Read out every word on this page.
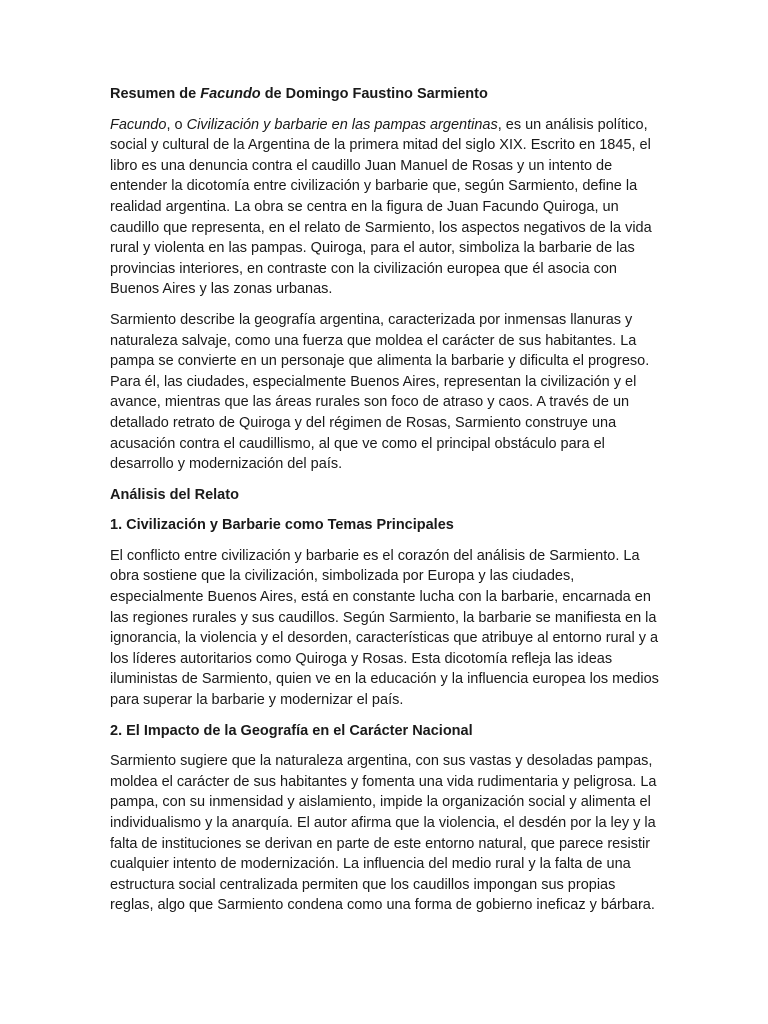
Resumen de Facundo de Domingo Faustino Sarmiento

Facundo, o Civilización y barbarie en las pampas argentinas, es un análisis político, social y cultural de la Argentina de la primera mitad del siglo XIX. Escrito en 1845, el libro es una denuncia contra el caudillo Juan Manuel de Rosas y un intento de entender la dicotomía entre civilización y barbarie que, según Sarmiento, define la realidad argentina. La obra se centra en la figura de Juan Facundo Quiroga, un caudillo que representa, en el relato de Sarmiento, los aspectos negativos de la vida rural y violenta en las pampas. Quiroga, para el autor, simboliza la barbarie de las provincias interiores, en contraste con la civilización europea que él asocia con Buenos Aires y las zonas urbanas.

Sarmiento describe la geografía argentina, caracterizada por inmensas llanuras y naturaleza salvaje, como una fuerza que moldea el carácter de sus habitantes. La pampa se convierte en un personaje que alimenta la barbarie y dificulta el progreso. Para él, las ciudades, especialmente Buenos Aires, representan la civilización y el avance, mientras que las áreas rurales son foco de atraso y caos. A través de un detallado retrato de Quiroga y del régimen de Rosas, Sarmiento construye una acusación contra el caudillismo, al que ve como el principal obstáculo para el desarrollo y modernización del país.

Análisis del Relato

1. Civilización y Barbarie como Temas Principales

El conflicto entre civilización y barbarie es el corazón del análisis de Sarmiento. La obra sostiene que la civilización, simbolizada por Europa y las ciudades, especialmente Buenos Aires, está en constante lucha con la barbarie, encarnada en las regiones rurales y sus caudillos. Según Sarmiento, la barbarie se manifiesta en la ignorancia, la violencia y el desorden, características que atribuye al entorno rural y a los líderes autoritarios como Quiroga y Rosas. Esta dicotomía refleja las ideas iluministas de Sarmiento, quien ve en la educación y la influencia europea los medios para superar la barbarie y modernizar el país.

2. El Impacto de la Geografía en el Carácter Nacional

Sarmiento sugiere que la naturaleza argentina, con sus vastas y desoladas pampas, moldea el carácter de sus habitantes y fomenta una vida rudimentaria y peligrosa. La pampa, con su inmensidad y aislamiento, impide la organización social y alimenta el individualismo y la anarquía. El autor afirma que la violencia, el desdén por la ley y la falta de instituciones se derivan en parte de este entorno natural, que parece resistir cualquier intento de modernización. La influencia del medio rural y la falta de una estructura social centralizada permiten que los caudillos impongan sus propias reglas, algo que Sarmiento condena como una forma de gobierno ineficaz y bárbara.
